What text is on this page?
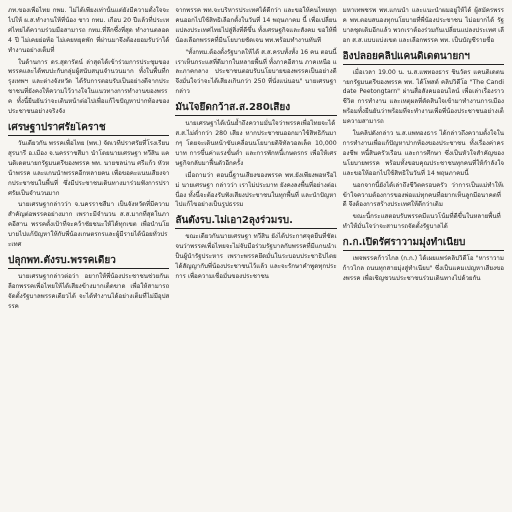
ภท.ของเพื่อไทย กพม. ไม่ได้เพียงเท่านั้นแต่ยังมีความตั้งใจจะไปให้ ผ.ส.ทำงานให้ที่น้อง ชาว กทม. เกือบ 20 ปีแล้วที่ประเทศไทยได้ความร่วมมือสามารถ กทม.ที่ลึกซึ้งที่สุด ทำงานตลอด 4 ปี ไม่เคยย่อท้อ ไม่เคยหยุดพัก ที่ผ่านมาจึงต้องยอมรับว่าได้ทำงานอย่างเต็มที่

ในด้านการ ดร.สุดารัตน์ ล่าสุดได้เข้าร่วมการประชุมของพรรคและได้พบปะกับกลุ่มผู้สนับสนุนจำนวนมาก ทั้งในพื้นที่กรุงเทพฯ และต่างจังหวัด ได้รับการตอบรับเป็นอย่างดีจากประชาชนที่ยังคงให้ความไว้วางใจในแนวทางการทำงานของพรรค ทั้งนี้ยืนยันว่าจะเดินหน้าต่อไปเพื่อแก้ไขปัญหาปากท้องของประชาชนอย่างจริงจัง

เศรษฐาปราศรัยโคราช

วันเดียวกัน พรรคเพื่อไทย (พท.) จัดเวทีปราศรัยที่โรงเรียนสุรนารี อ.เมือง จ.นครราชสีมา นำโดยนายเศรษฐา ทวีสิน แคนดิเดตนายกรัฐมนตรีของพรรค พท. นายชลน่าน ศรีแก้ว หัวหน้าพรรค และแกนนำพรรคอีกหลายคน เพื่อขอคะแนนเสียงจากประชาชนในพื้นที่ ซึ่งมีประชาชนเดินทางมาร่วมฟังการปราศรัยเป็นจำนวนมาก

นายเศรษฐากล่าวว่า จ.นครราชสีมา เป็นจังหวัดที่มีความสำคัญต่อพรรคอย่างมาก เพราะมีจำนวน ส.ส.มากที่สุดในภาคอีสาน พรรคตั้งเป้าที่จะคว้าชัยชนะให้ได้ทุกเขต เพื่อนำนโยบายไปแก้ปัญหาให้กับพี่น้องเกษตรกรและผู้มีรายได้น้อยทั่วประเทศ

ปลุกพท.ตั้งรบ.พรรคเดียว

นายเศรษฐากล่าวต่อว่า อยากให้พี่น้องประชาชนช่วยกันเลือกพรรคเพื่อไทยให้ได้เสียงข้างมากเด็ดขาด เพื่อให้สามารถจัดตั้งรัฐบาลพรรคเดียวได้ จะได้ทำงานได้อย่างเต็มที่ไม่มีอุปสรรค

จากพรรค พท.จะบริหารประเทศได้ดีกว่า และขอให้คนไทยทุกคนออกไปใช้สิทธิเลือกตั้งในวันที่ 14 พฤษภาคม นี้ เพื่อเปลี่ยนแปลงประเทศไทยไปสู่สิ่งที่ดีขึ้น ทั้งเศรษฐกิจและสังคม ขอให้พี่น้องเลือกพรรคที่มีนโยบายชัดเจน พท.พร้อมทำงานทันที

"ทั้งกทม.ต้องตั้งรัฐบาลให้ได้ ส.ส.ครบทั้งทั้ง 16 คน ตอนนี้เราเห็นกระแสที่ดีมากในหลายพื้นที่ ทั้งภาคอีสาน ภาคเหนือ และภาคกลาง ประชาชนตอบรับนโยบายของพรรคเป็นอย่างดี จึงมั่นใจว่าจะได้เสียงเกินกว่า 250 ที่นั่งแน่นอน" นายเศรษฐา กล่าว

มั่นใจยึดกว้าส.ส.280เสียง

นายเศรษฐาได้เน้นย้ำถึงความมั่นใจว่าพรรคเพื่อไทยจะได้ ส.ส.ไม่ต่ำกว่า 280 เสียง หากประชาชนออกมาใช้สิทธิกันมากๆ โดยจะเดินหน้าขับเคลื่อนนโยบายดิจิทัลวอลเล็ต 10,000 บาท การขึ้นค่าแรงขั้นต่ำ และการพักหนี้เกษตรกร เพื่อให้เศรษฐกิจกลับมาฟื้นตัวอีกครั้ง

เมื่อถามว่า ตอนนี้ฐานเสียงของพรรค พท.ยังเพียงพอหรือไม่ นายเศรษฐา กล่าวว่า เราไม่ประมาท ยังคงลงพื้นที่อย่างต่อเนื่อง ทั้งนี้จะต้องรับฟังเสียงประชาชนในทุกพื้นที่ และนำปัญหาไปแก้ไขอย่างเป็นรูปธรรม

ลั่นตั้งรบ.ไม่เอา2ลุงร่วมรบ.

ขณะเดียวกันนายเศรษฐา ทวีสิน ยังได้ประกาศจุดยืนที่ชัดเจนว่าพรรคเพื่อไทยจะไม่จับมือร่วมรัฐบาลกับพรรคที่มีแกนนำเป็นผู้นำรัฐประหาร เพราะพรรคยึดมั่นในระบอบประชาธิปไตย ได้สัญญากับพี่น้องประชาชนไว้แล้ว และจะรักษาคำพูดทุกประการ เพื่อความเชื่อมั่นของประชาชน

มหาเทพชรพ พท.แกนนำ และแนะนำผมอยู่ให้ได้ ผู้สมัครพรรค พท.ตอบสนองทุกนโยบายที่พี่น้องประชาชน ไม่อยากได้ รัฐบาลชุดเดิมอีกแล้ว พวกเราต้องร่วมกันเปลี่ยนแปลงประเทศ เลือก ส.ส.แบบแบ่งเขต และเลือกพรรค พท. เป็นบัญชีรายชื่อ

อิ๊งปลอยคลิปแคนดิเดตนายกฯ

เมื่อเวลา 19.00 น. น.ส.แพทองธาร ชินวัตร แคนดิเดตนายกรัฐมนตรีของพรรค พท. ได้โพสต์ คลิปวิดีโอ "The Candidate Peetongtarn" ผ่านสื่อสังคมออนไลน์ เพื่อเล่าเรื่องราวชีวิต การทำงาน และเหตุผลที่ตัดสินใจเข้ามาทำงานการเมือง พร้อมทั้งยืนยันว่าพร้อมที่จะทำงานเพื่อพี่น้องประชาชนอย่างเต็มความสามารถ

ในคลิปดังกล่าว น.ส.แพทองธาร ได้กล่าวถึงความตั้งใจในการทำงานเพื่อแก้ปัญหาปากท้องของประชาชน ทั้งเรื่องค่าครองชีพ หนี้สินครัวเรือน และการศึกษา ซึ่งเป็นหัวใจสำคัญของนโยบายพรรค พร้อมทั้งขอบคุณประชาชนทุกคนที่ให้กำลังใจ และขอให้ออกไปใช้สิทธิในวันที่ 14 พฤษภาคมนี้

นอกจากนี้ยังได้เล่าถึงชีวิตครอบครัว ว่าการเป็นแม่ทำให้เข้าใจความต้องการของพ่อแม่ทุกคนที่อยากเห็นลูกมีอนาคตที่ดี จึงต้องการสร้างประเทศให้ดีกว่าเดิม

ขณะนี้กระแสตอบรับพรรคมีแนวโน้มที่ดีขึ้นในหลายพื้นที่ ทำให้มั่นใจว่าจะสามารถจัดตั้งรัฐบาลได้

ก.ก.เปิดรัศราวามมุ่งทำเนียบ

เพจพรรคก้าวไกล (ก.ก.) ได้เผยแพร่คลิปวิดีโอ "หาราวามก้าวไกล ถนนทุกสายมุ่งสู่ทำเนียบ" ซึ่งเป็นแคมเปญหาเสียงของพรรค เพื่อเชิญชวนประชาชนร่วมเดินทางไปด้วยกัน
